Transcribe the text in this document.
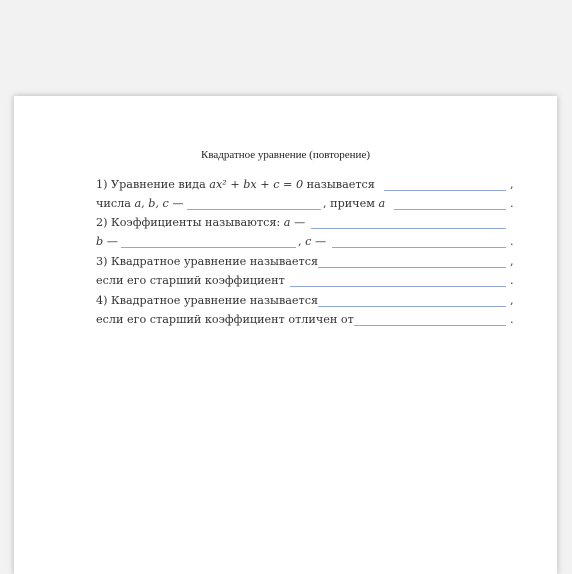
Квадратное уравнение (повторение)
1) Уравнение вида ax² + bx + c = 0 называется	,
числа a, b, c —	, причем a	.
2) Коэффициенты называются: a —
b —	, c —	.
3) Квадратное уравнение называется	,
если его старший коэффициент	.
4) Квадратное уравнение называется	,
если его старший коэффициент отличен от	.
